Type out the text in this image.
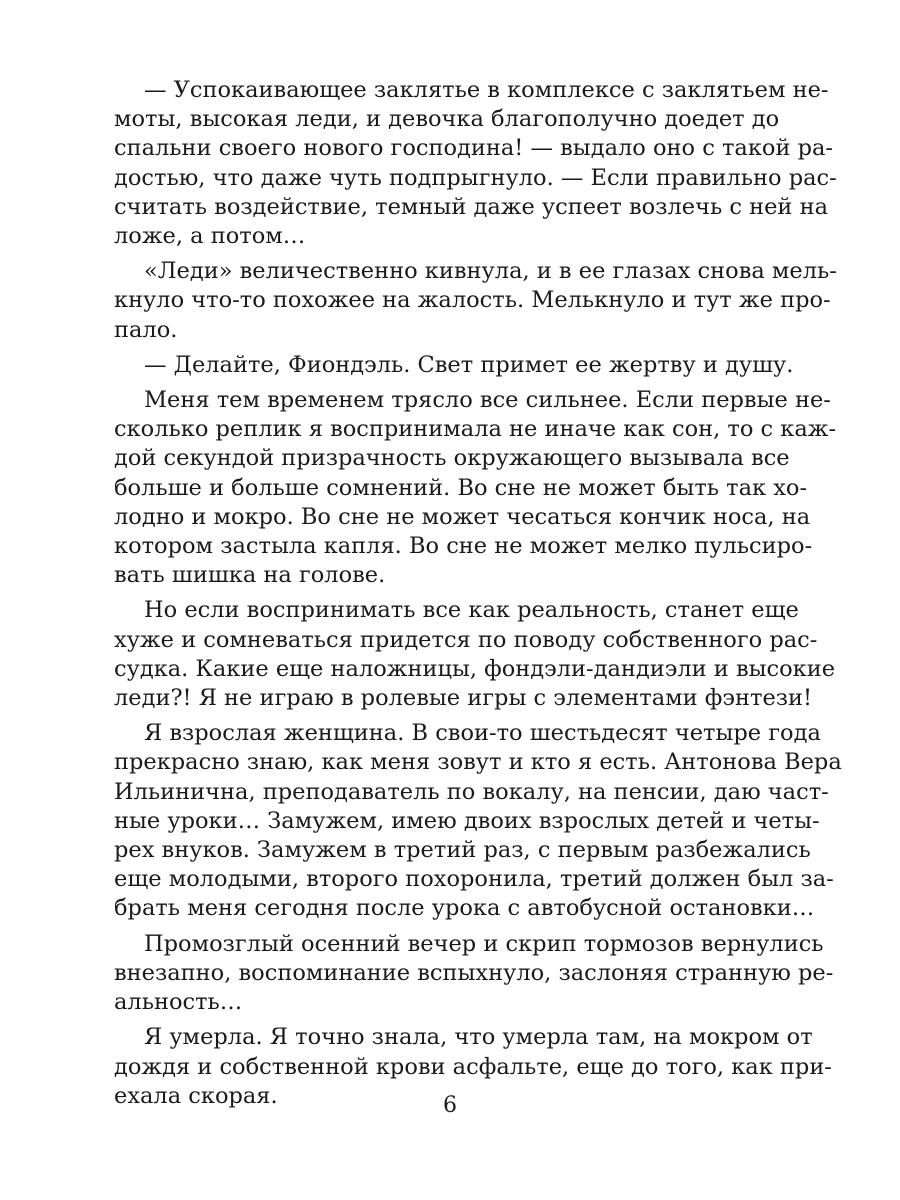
— Успокаивающее заклятье в комплексе с заклятьем не-
моты, высокая леди, и девочка благополучно доедет до
спальни своего нового господина! — выдало оно с такой ра-
достью, что даже чуть подпрыгнуло. — Если правильно рас-
считать воздействие, темный даже успеет возлечь с ней на
ложе, а потом…

«Леди» величественно кивнула, и в ее глазах снова мель-
кнуло что-то похожее на жалость. Мелькнуло и тут же про-
пало.

— Делайте, Фиондэль. Свет примет ее жертву и душу.

Меня тем временем трясло все сильнее. Если первые не-
сколько реплик я воспринимала не иначе как сон, то с каж-
дой секундой призрачность окружающего вызывала все
больше и больше сомнений. Во сне не может быть так хо-
лодно и мокро. Во сне не может чесаться кончик носа, на
котором застыла капля. Во сне не может мелко пульсиро-
вать шишка на голове.

Но если воспринимать все как реальность, станет еще
хуже и сомневаться придется по поводу собственного рас-
судка. Какие еще наложницы, фондэли-дандиэли и высокие
леди?! Я не играю в ролевые игры с элементами фэнтези!

Я взрослая женщина. В свои-то шестьдесят четыре года
прекрасно знаю, как меня зовут и кто я есть. Антонова Вера
Ильинична, преподаватель по вокалу, на пенсии, даю част-
ные уроки… Замужем, имею двоих взрослых детей и четы-
рех внуков. Замужем в третий раз, с первым разбежались
еще молодыми, второго похоронила, третий должен был за-
брать меня сегодня после урока с автобусной остановки…

Промозглый осенний вечер и скрип тормозов вернулись
внезапно, воспоминание вспыхнуло, заслоняя странную ре-
альность…

Я умерла. Я точно знала, что умерла там, на мокром от
дождя и собственной крови асфальте, еще до того, как при-
ехала скорая.	6
